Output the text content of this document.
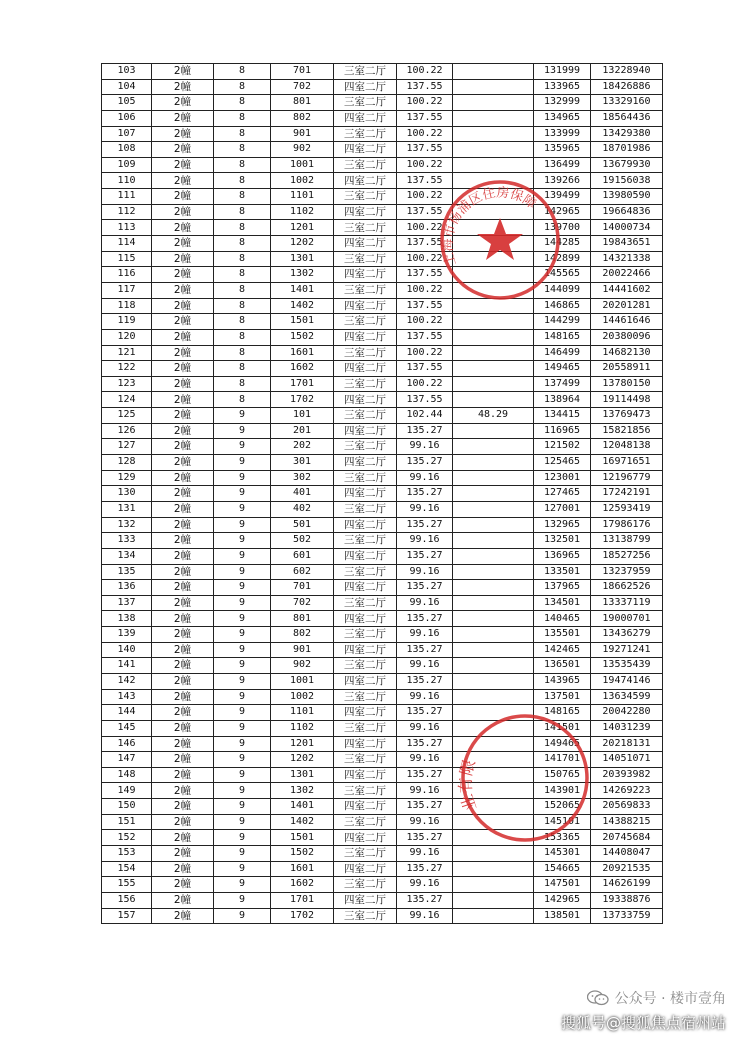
103	2幢	8	701	三室二厅	100.22		131999	13228940
104	2幢	8	702	四室二厅	137.55		133965	18426886
105	2幢	8	801	三室二厅	100.22		132999	13329160
106	2幢	8	802	四室二厅	137.55		134965	18564436
107	2幢	8	901	三室二厅	100.22		133999	13429380
108	2幢	8	902	四室二厅	137.55		135965	18701986
109	2幢	8	1001	三室二厅	100.22		136499	13679930
110	2幢	8	1002	四室二厅	137.55		139266	19156038
111	2幢	8	1101	三室二厅	100.22		139499	13980590
112	2幢	8	1102	四室二厅	137.55		142965	19664836
113	2幢	8	1201	三室二厅	100.22		139700	14000734
114	2幢	8	1202	四室二厅	137.55		144285	19843651
115	2幢	8	1301	三室二厅	100.22		142899	14321338
116	2幢	8	1302	四室二厅	137.55		145565	20022466
117	2幢	8	1401	三室二厅	100.22		144099	14441602
118	2幢	8	1402	四室二厅	137.55		146865	20201281
119	2幢	8	1501	三室二厅	100.22		144299	14461646
120	2幢	8	1502	四室二厅	137.55		148165	20380096
121	2幢	8	1601	三室二厅	100.22		146499	14682130
122	2幢	8	1602	四室二厅	137.55		149465	20558911
123	2幢	8	1701	三室二厅	100.22		137499	13780150
124	2幢	8	1702	四室二厅	137.55		138964	19114498
125	2幢	9	101	三室二厅	102.44	48.29	134415	13769473
126	2幢	9	201	四室二厅	135.27		116965	15821856
127	2幢	9	202	三室二厅	99.16		121502	12048138
128	2幢	9	301	四室二厅	135.27		125465	16971651
129	2幢	9	302	三室二厅	99.16		123001	12196779
130	2幢	9	401	四室二厅	135.27		127465	17242191
131	2幢	9	402	三室二厅	99.16		127001	12593419
132	2幢	9	501	四室二厅	135.27		132965	17986176
133	2幢	9	502	三室二厅	99.16		132501	13138799
134	2幢	9	601	四室二厅	135.27		136965	18527256
135	2幢	9	602	三室二厅	99.16		133501	13237959
136	2幢	9	701	四室二厅	135.27		137965	18662526
137	2幢	9	702	三室二厅	99.16		134501	13337119
138	2幢	9	801	四室二厅	135.27		140465	19000701
139	2幢	9	802	三室二厅	99.16		135501	13436279
140	2幢	9	901	四室二厅	135.27		142465	19271241
141	2幢	9	902	三室二厅	99.16		136501	13535439
142	2幢	9	1001	四室二厅	135.27		143965	19474146
143	2幢	9	1002	三室二厅	99.16		137501	13634599
144	2幢	9	1101	四室二厅	135.27		148165	20042280
145	2幢	9	1102	三室二厅	99.16		141501	14031239
146	2幢	9	1201	四室二厅	135.27		149465	20218131
147	2幢	9	1202	三室二厅	99.16		141701	14051071
148	2幢	9	1301	四室二厅	135.27		150765	20393982
149	2幢	9	1302	三室二厅	99.16		143901	14269223
150	2幢	9	1401	四室二厅	135.27		152065	20569833
151	2幢	9	1402	三室二厅	99.16		145101	14388215
152	2幢	9	1501	四室二厅	135.27		153365	20745684
153	2幢	9	1502	三室二厅	99.16		145301	14408047
154	2幢	9	1601	四室二厅	135.27		154665	20921535
155	2幢	9	1602	三室二厅	99.16		147501	14626199
156	2幢	9	1701	四室二厅	135.27		142965	19338876
157	2幢	9	1702	三室二厅	99.16		138501	13733759
上海市杨浦区住房保障
业有限
公众号 · 楼市壹角
搜狐号@搜狐焦点宿州站
